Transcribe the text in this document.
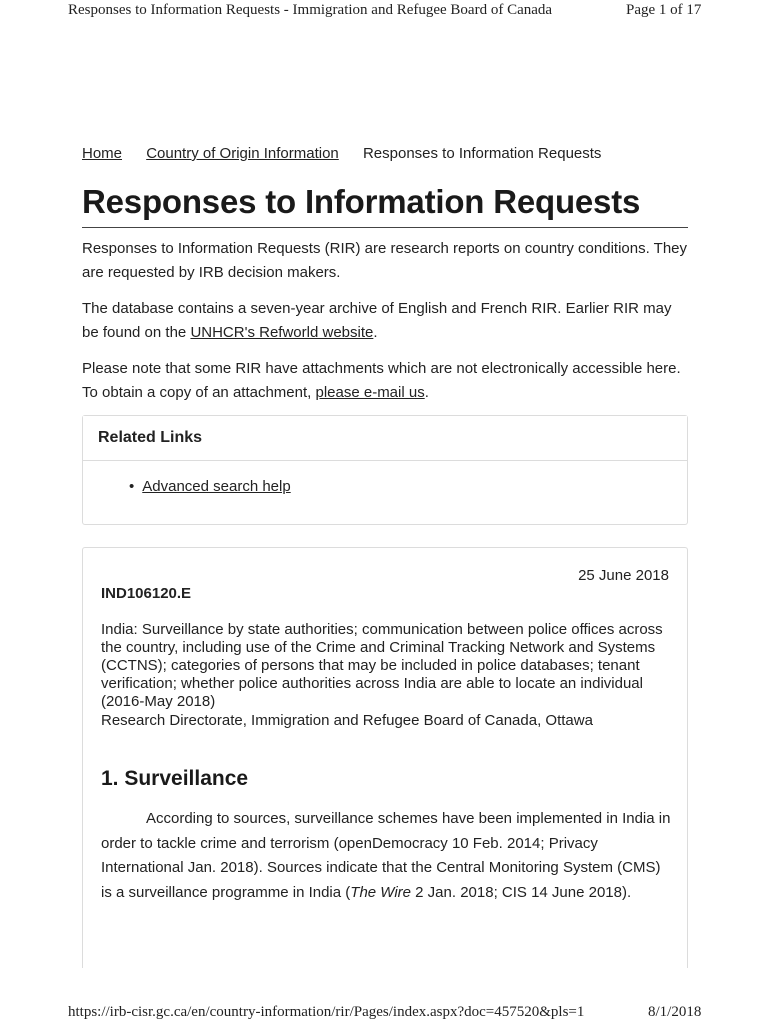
Responses to Information Requests - Immigration and Refugee Board of Canada	Page 1 of 17
Home Country of Origin Information Responses to Information Requests
Responses to Information Requests

Responses to Information Requests (RIR) are research reports on country conditions. They are requested by IRB decision makers.

The database contains a seven-year archive of English and French RIR. Earlier RIR may be found on the UNHCR's Refworld website.

Please note that some RIR have attachments which are not electronically accessible here. To obtain a copy of an attachment, please e-mail us.

Related Links
• Advanced search help
25 June 2018
IND106120.E

India: Surveillance by state authorities; communication between police offices across the country, including use of the Crime and Criminal Tracking Network and Systems (CCTNS); categories of persons that may be included in police databases; tenant verification; whether police authorities across India are able to locate an individual (2016-May 2018)

Research Directorate, Immigration and Refugee Board of Canada, Ottawa
1. Surveillance

According to sources, surveillance schemes have been implemented in India in order to tackle crime and terrorism (openDemocracy 10 Feb. 2014; Privacy International Jan. 2018). Sources indicate that the Central Monitoring System (CMS) is a surveillance programme in India (The Wire 2 Jan. 2018; CIS 14 June 2018).

https://irb-cisr.gc.ca/en/country-information/rir/Pages/index.aspx?doc=457520&pls=1	8/1/2018
